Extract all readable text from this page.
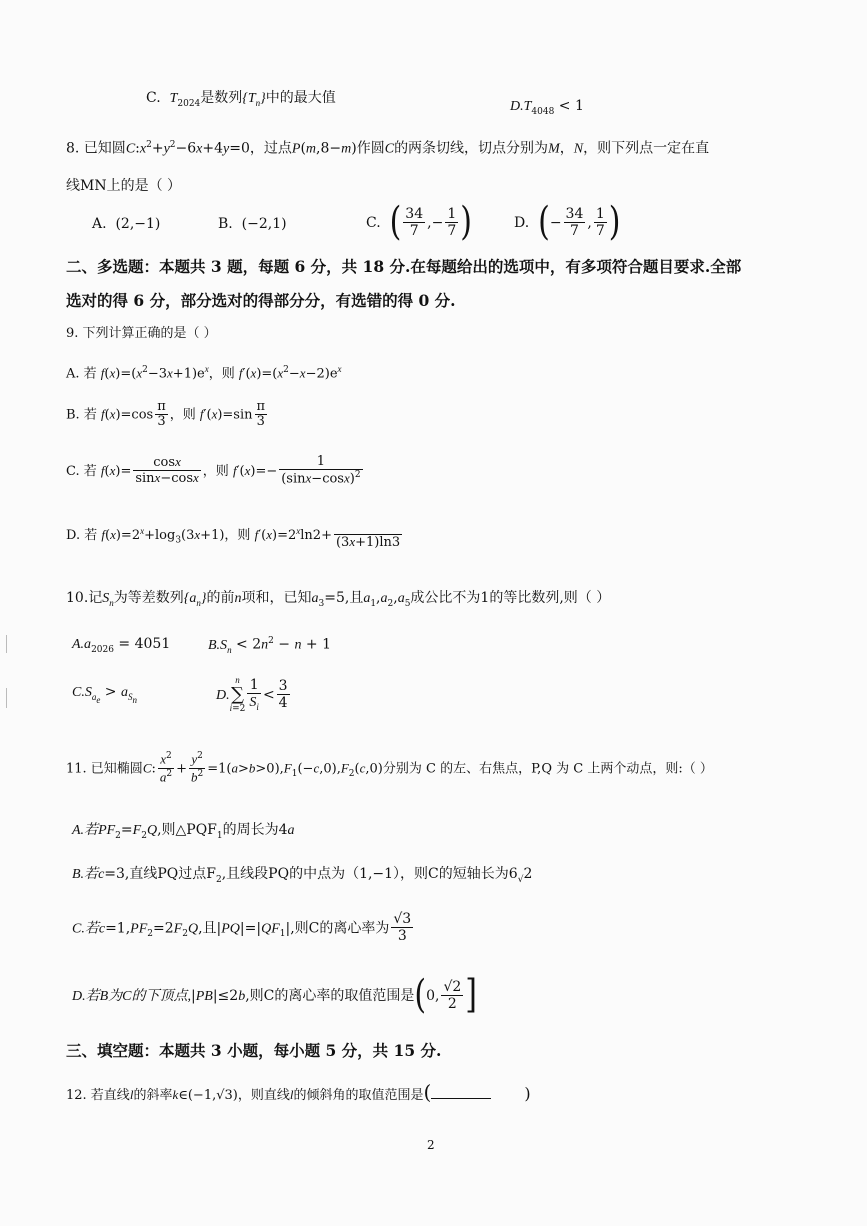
C. $T_{2024}$是数列$\{T_n\}$中的最大值
$D.T_{4048} < 1$
8. 已知圆$C:x^2+y^2-6x+4y=0$，过点P(m,8−m)作圆C的两条切线，切点分别为M，N，则下列点一定在直
线MN上的是（ ）
A.  (2,−1)	B.  (−2,1)	C. ( $\frac{34}{7}$ ,− $\frac{1}{7}$ )	D. (− $\frac{34}{7}$ , $\frac{1}{7}$ )
二、多选题：本题共 3 题，每题 6 分，共 18 分.在每题给出的选项中，有多项符合题目要求.全部
选对的得 6 分，部分选对的得部分分，有选错的得 0 分.
9. 下列计算正确的是（ ）
A. 若 $f(x)=(x^2-3x+1)e^x$，则 $f'(x)=(x^2-x-2)e^x$
B. 若 $f(x)=\cos \frac{\pi}{3}$ ，则 $f'(x)=\sin \frac{\pi}{3}$
C. 若 $f(x)= \frac{\cos x}{\sin x-\cos x}$ ，则 $f'(x)=- \frac{1}{(\sin x-\cos x)^2}$
D. 若 $f(x)=2^x+\log_3(3x+1)$，则 $f'(x)=2^x\ln 2+$
(3x+1)ln3
10.记$S_n$为等差数列$\{a_n\}$的前n项和，已知$a_3=5$,且$a_1,a_2,a_5$成公比不为1的等比数列,则（ ）
$A.a_{2026} = 4051$	$B.S_n < 2n^2 - n + 1$
$C.S_{a_e} > a_{S_n}$	D.n
∑
$i=2 \frac{1}{S_i} < \frac{3}{4}$
11. 已知椭圆C: $\frac{x^2}{a^2} + \frac{y^2}{b^2} =1(a>b>0),F_1(-c,0),F_2(c,0)$分别为 C 的左、右焦点，P,Q 为 C 上两个动点，则:（ ）
A.若$PF_2=F_2Q$,则$\triangle PQF_1$的周长为4a
B.若c=3,直线PQ过点$F_2$,且线段PQ的中点为（1,−1），则C的短轴长为$6_√2$
C.若$c=1,PF_2=2F_2Q$,且$|PQ|=|QF_1|$,则C的离心率为 $\frac{√3}{3}$
D.若B为C的下顶点,|PB|≤2b,则C的离心率的取值范围是(0, $\frac{√2}{2}$ ]
三、填空题：本题共 3 小题，每小题 5 分，共 15 分.
12. 若直线l的斜率k∈(−1,√3)，则直线l的倾斜角的取值范围是(	)
2
